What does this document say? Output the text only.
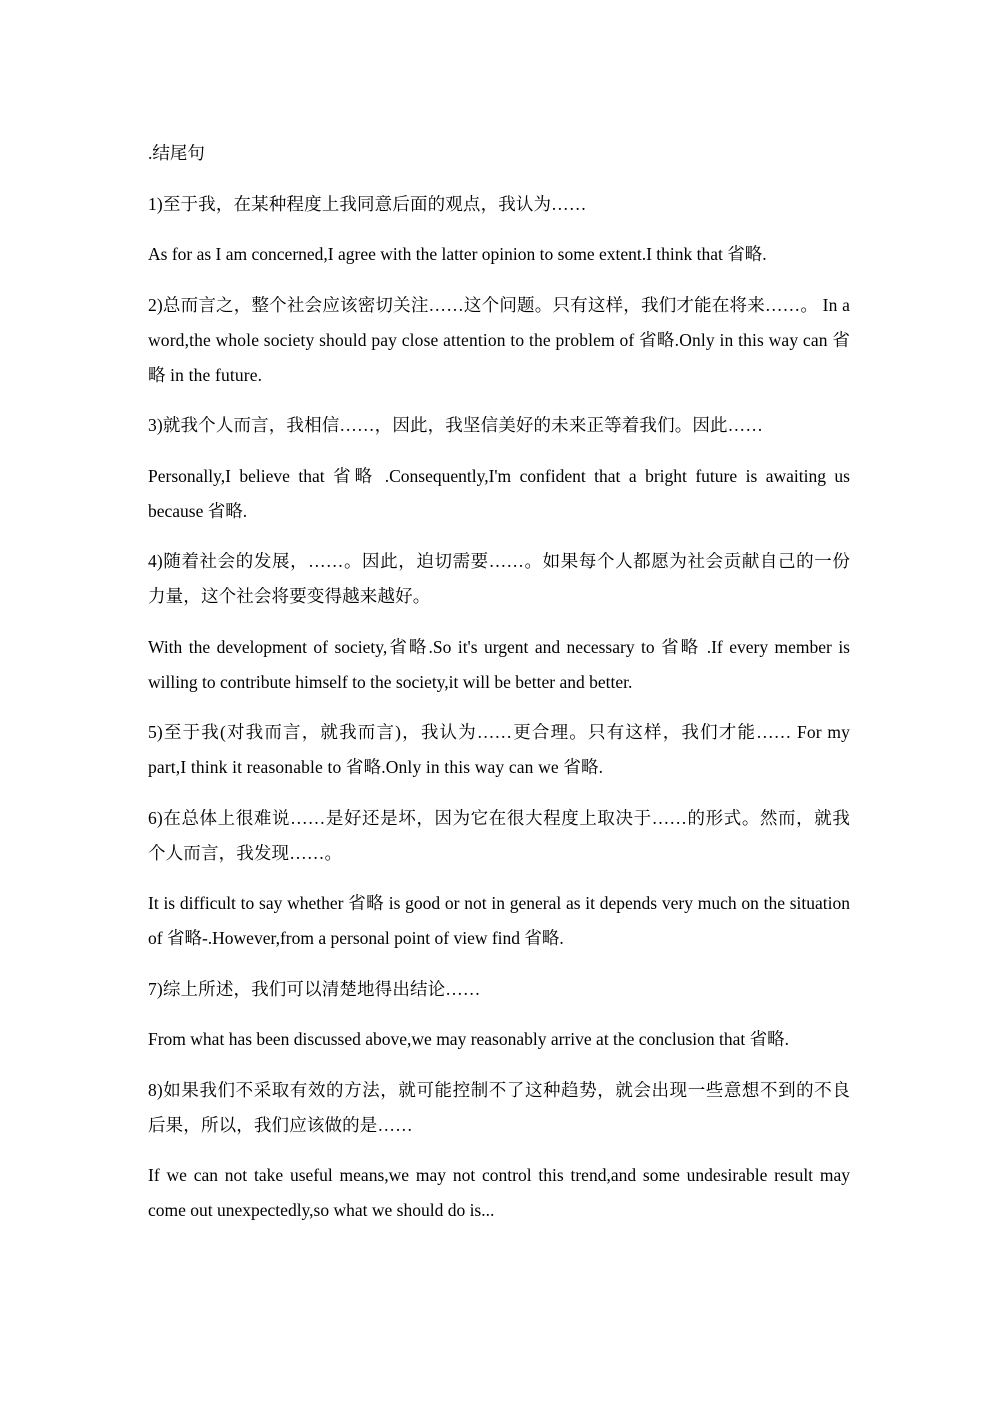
.结尾句

1)至于我，在某种程度上我同意后面的观点，我认为……

As for as I am concerned,I agree with the latter opinion to some extent.I think that 省略.

2)总而言之，整个社会应该密切关注……这个问题。只有这样，我们才能在将来……。 In a word,the whole society should pay close attention to the problem of 省略.Only in this way can 省略 in the future.

3)就我个人而言，我相信……，因此，我坚信美好的未来正等着我们。因此……

Personally,I believe that 省略 .Consequently,I'm confident that a bright future is awaiting us because 省略.

4)随着社会的发展，……。因此，迫切需要……。如果每个人都愿为社会贡献自己的一份力量，这个社会将要变得越来越好。

With the development of society,省略.So it's urgent and necessary to 省略 .If every member is willing to contribute himself to the society,it will be better and better.

5)至于我(对我而言，就我而言)，我认为……更合理。只有这样，我们才能…… For my part,I think it reasonable to 省略.Only in this way can we 省略.

6)在总体上很难说……是好还是坏，因为它在很大程度上取决于……的形式。然而，就我个人而言，我发现……。

It is difficult to say whether 省略 is good or not in general as it depends very much on the situation of 省略-.However,from a personal point of view find 省略.

7)综上所述，我们可以清楚地得出结论……

From what has been discussed above,we may reasonably arrive at the conclusion that 省略.

8)如果我们不采取有效的方法，就可能控制不了这种趋势，就会出现一些意想不到的不良后果，所以，我们应该做的是……

If we can not take useful means,we may not control this trend,and some undesirable result may come out unexpectedly,so what we should do is...
